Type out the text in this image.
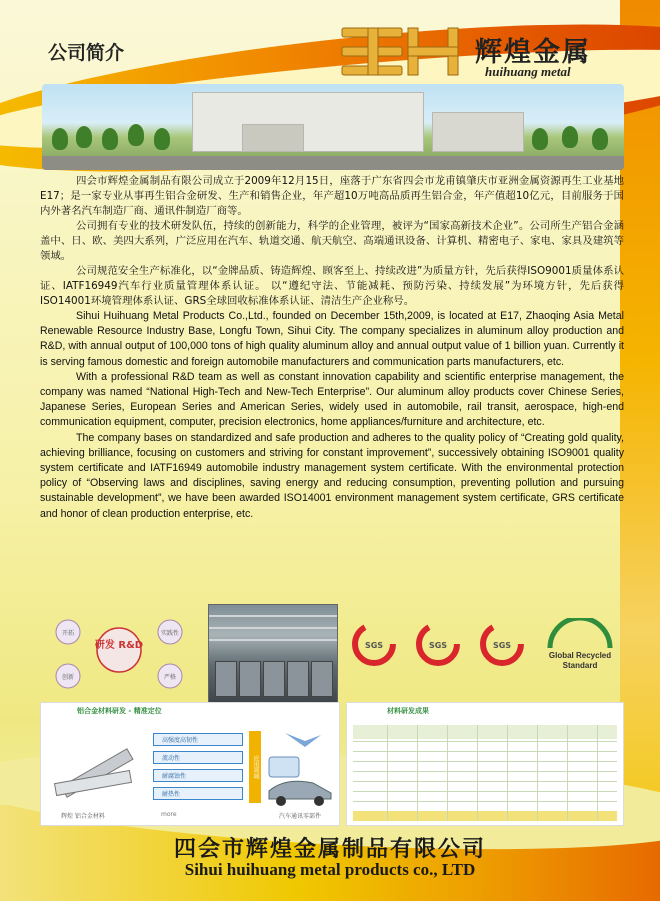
公司简介	辉煌金属
huihuang metal

四会市辉煌金属制品有限公司成立于2009年12月15日，座落于广东省四会市龙甫镇肇庆市亚洲金属资源再生工业基地E17；是一家专业从事再生铝合金研发、生产和销售企业，年产超10万吨高品质再生铝合金，年产值超10亿元，目前服务于国内外著名汽车制造厂商、通讯件制造厂商等。

公司拥有专业的技术研发队伍，持续的创新能力，科学的企业管理，被评为“国家高新技术企业”。公司所生产铝合金涵盖中、日、欧、美四大系列，广泛应用在汽车、轨道交通、航天航空、高端通讯设备、计算机、精密电子、家电、家具及建筑等领域。

公司规范安全生产标准化，以“金牌品质、铸造辉煌、顾客至上、持续改进”为质量方针，先后获得ISO9001质量体系认证、IATF16949汽车行业质量管理体系认证。 以“遵纪守法、节能减耗、预防污染、持续发展”为环境方针，先后获得ISO14001环境管理体系认证、GRS全球回收标准体系认证、清洁生产企业称号。

Sihui Huihuang Metal Products Co.,Ltd., founded on December 15th,2009, is located at E17, Zhaoqing Asia Metal Renewable Resource Industry Base, Longfu Town, Sihui City. The company specializes in aluminum alloy production and R&D, with annual output of 100,000 tons of high quality aluminum alloy and annual output value of 1 billion yuan. Currently it is serving famous domestic and foreign automobile manufacturers and communication parts manufacturers, etc.

With a professional R&D team as well as constant innovation capability and scientific enterprise management, the company was named “National High-Tech and New-Tech Enterprise”. Our aluminum alloy products cover Chinese Series, Japanese Series, European Series and American Series, widely used in automobile, rail transit, aerospace, high-end communication equipment, computer, precision electronics, home appliances/furniture and architecture, etc.

The company bases on standardized and safe production and adheres to the quality policy of “Creating gold quality, achieving brilliance, focusing on customers and striving for constant improvement”, successively obtaining ISO9001 quality system certificate and IATF16949 automobile industry management system certificate. With the environmental protection policy of “Observing laws and disciplines, saving energy and reducing consumption, preventing pollution and pursuing sustainable development”, we have been awarded ISO14001 environment management system certificate, GRS certificate and honor of clean production enterprise, etc.

研发 R&D
开拓	实践性
创新	严格
SGS	SGS	SGS
Global Recycled
Standard
铝合金材料研发 - 精准定位
高强度高韧性
流动性
耐腐蚀性
耐热性
辉煌 铝合金材料	more
应用领域
汽车通讯零部件
材料研发成果
四会市辉煌金属制品有限公司
Sihui huihuang metal products co., LTD
